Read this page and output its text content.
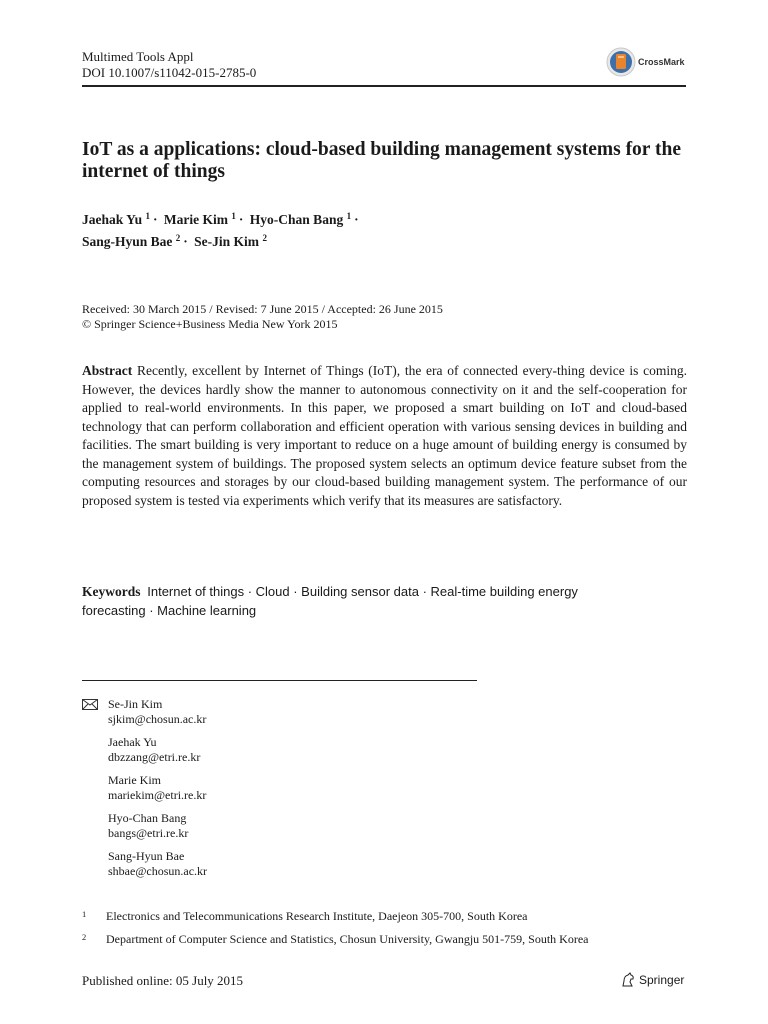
Multimed Tools Appl
DOI 10.1007/s11042-015-2785-0
CrossMark
IoT as a applications: cloud-based building management systems for the internet of things
Jaehak Yu $^1$ · Marie Kim $^1$ · Hyo-Chan Bang $^1$ ·
Sang-Hyun Bae $^2$ · Se-Jin Kim $^2$
Received: 30 March 2015 / Revised: 7 June 2015 / Accepted: 26 June 2015
© Springer Science+Business Media New York 2015

Abstract Recently, excellent by Internet of Things (IoT), the era of connected every-thing device is coming. However, the devices hardly show the manner to autonomous connectivity on it and the self-cooperation for applied to real-world environments. In this paper, we proposed a smart building on IoT and cloud-based technology that can perform collaboration and efficient operation with various sensing devices in building and facilities. The smart building is very important to reduce on a huge amount of building energy is consumed by the management system of buildings. The proposed system selects an optimum device feature subset from the computing resources and storages by our cloud-based building management system. The performance of our proposed system is tested via experiments which verify that its measures are satisfactory.

Keywords Internet of things · Cloud · Building sensor data · Real-time building energy forecasting · Machine learning
Se-Jin Kim
sjkim@chosun.ac.kr
Jaehak Yu
dbzzang@etri.re.kr
Marie Kim
mariekim@etri.re.kr
Hyo-Chan Bang
bangs@etri.re.kr
Sang-Hyun Bae
shbae@chosun.ac.kr
1 Electronics and Telecommunications Research Institute, Daejeon 305-700, South Korea
2 Department of Computer Science and Statistics, Chosun University, Gwangju 501-759, South Korea
Published online: 05 July 2015	Springer
